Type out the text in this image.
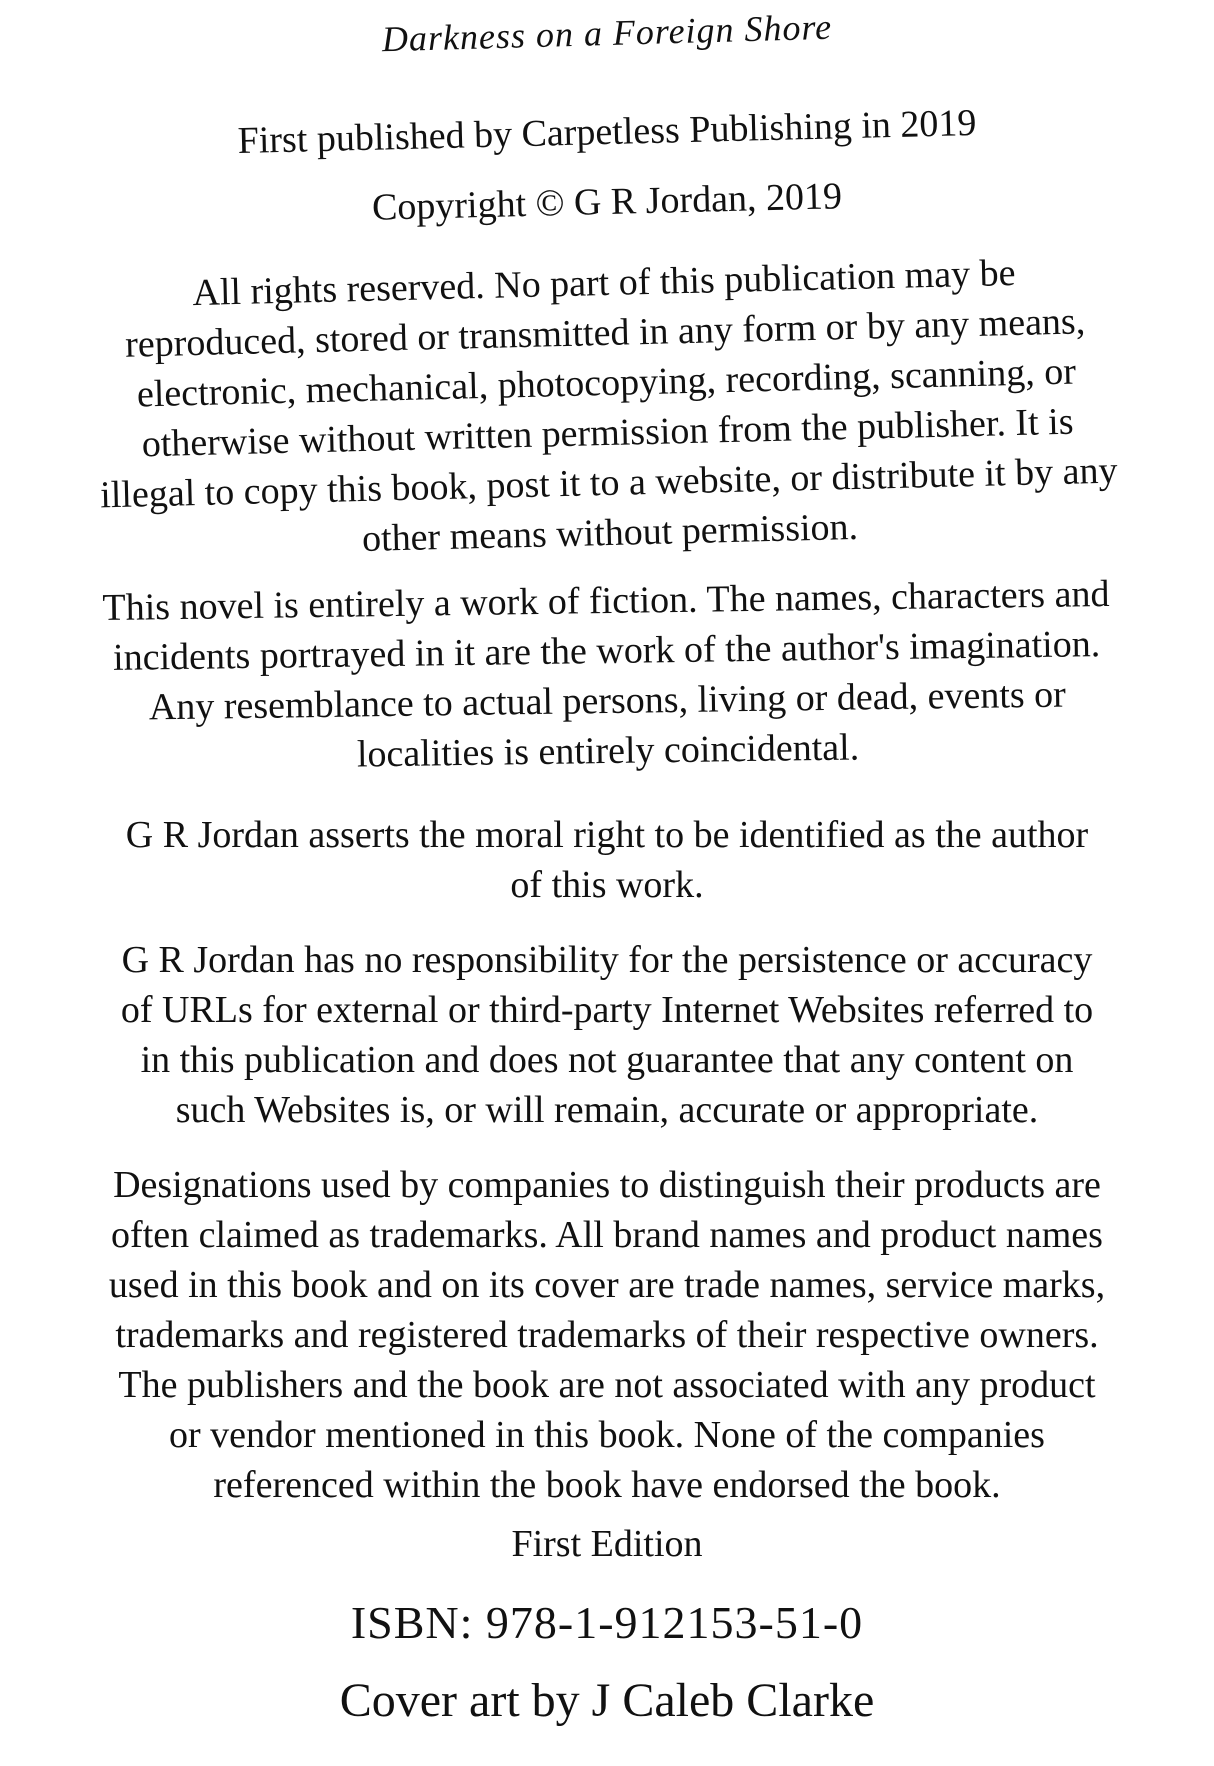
Darkness on a Foreign Shore
First published by Carpetless Publishing in 2019
Copyright © G R Jordan, 2019
All rights reserved. No part of this publication may be
reproduced, stored or transmitted in any form or by any means,
electronic, mechanical, photocopying, recording, scanning, or
otherwise without written permission from the publisher. It is
illegal to copy this book, post it to a website, or distribute it by any
other means without permission.
This novel is entirely a work of fiction. The names, characters and
incidents portrayed in it are the work of the author's imagination.
Any resemblance to actual persons, living or dead, events or
localities is entirely coincidental.
G R Jordan asserts the moral right to be identified as the author
of this work.
G R Jordan has no responsibility for the persistence or accuracy
of URLs for external or third-party Internet Websites referred to
in this publication and does not guarantee that any content on
such Websites is, or will remain, accurate or appropriate.
Designations used by companies to distinguish their products are
often claimed as trademarks. All brand names and product names
used in this book and on its cover are trade names, service marks,
trademarks and registered trademarks of their respective owners.
The publishers and the book are not associated with any product
or vendor mentioned in this book. None of the companies
referenced within the book have endorsed the book.
First Edition
ISBN: 978-1-912153-51-0
Cover art by J Caleb Clarke
